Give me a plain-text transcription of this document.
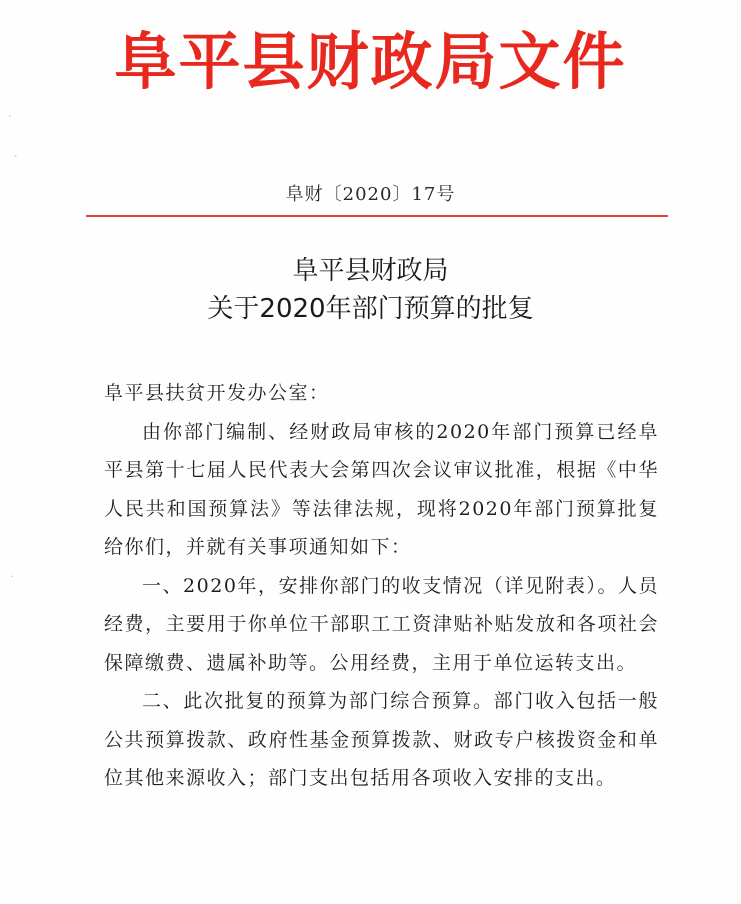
·
·
·
阜平县财政局文件
阜财〔2020〕17号
阜平县财政局
关于2020年部门预算的批复

阜平县扶贫开发办公室：

由你部门编制、经财政局审核的2020年部门预算已经阜平县第十七届人民代表大会第四次会议审议批准，根据《中华人民共和国预算法》等法律法规，现将2020年部门预算批复给你们，并就有关事项通知如下：

一、2020年，安排你部门的收支情况（详见附表）。人员经费，主要用于你单位干部职工工资津贴补贴发放和各项社会保障缴费、遗属补助等。公用经费，主用于单位运转支出。

二、此次批复的预算为部门综合预算。部门收入包括一般公共预算拨款、政府性基金预算拨款、财政专户核拨资金和单位其他来源收入；部门支出包括用各项收入安排的支出。
